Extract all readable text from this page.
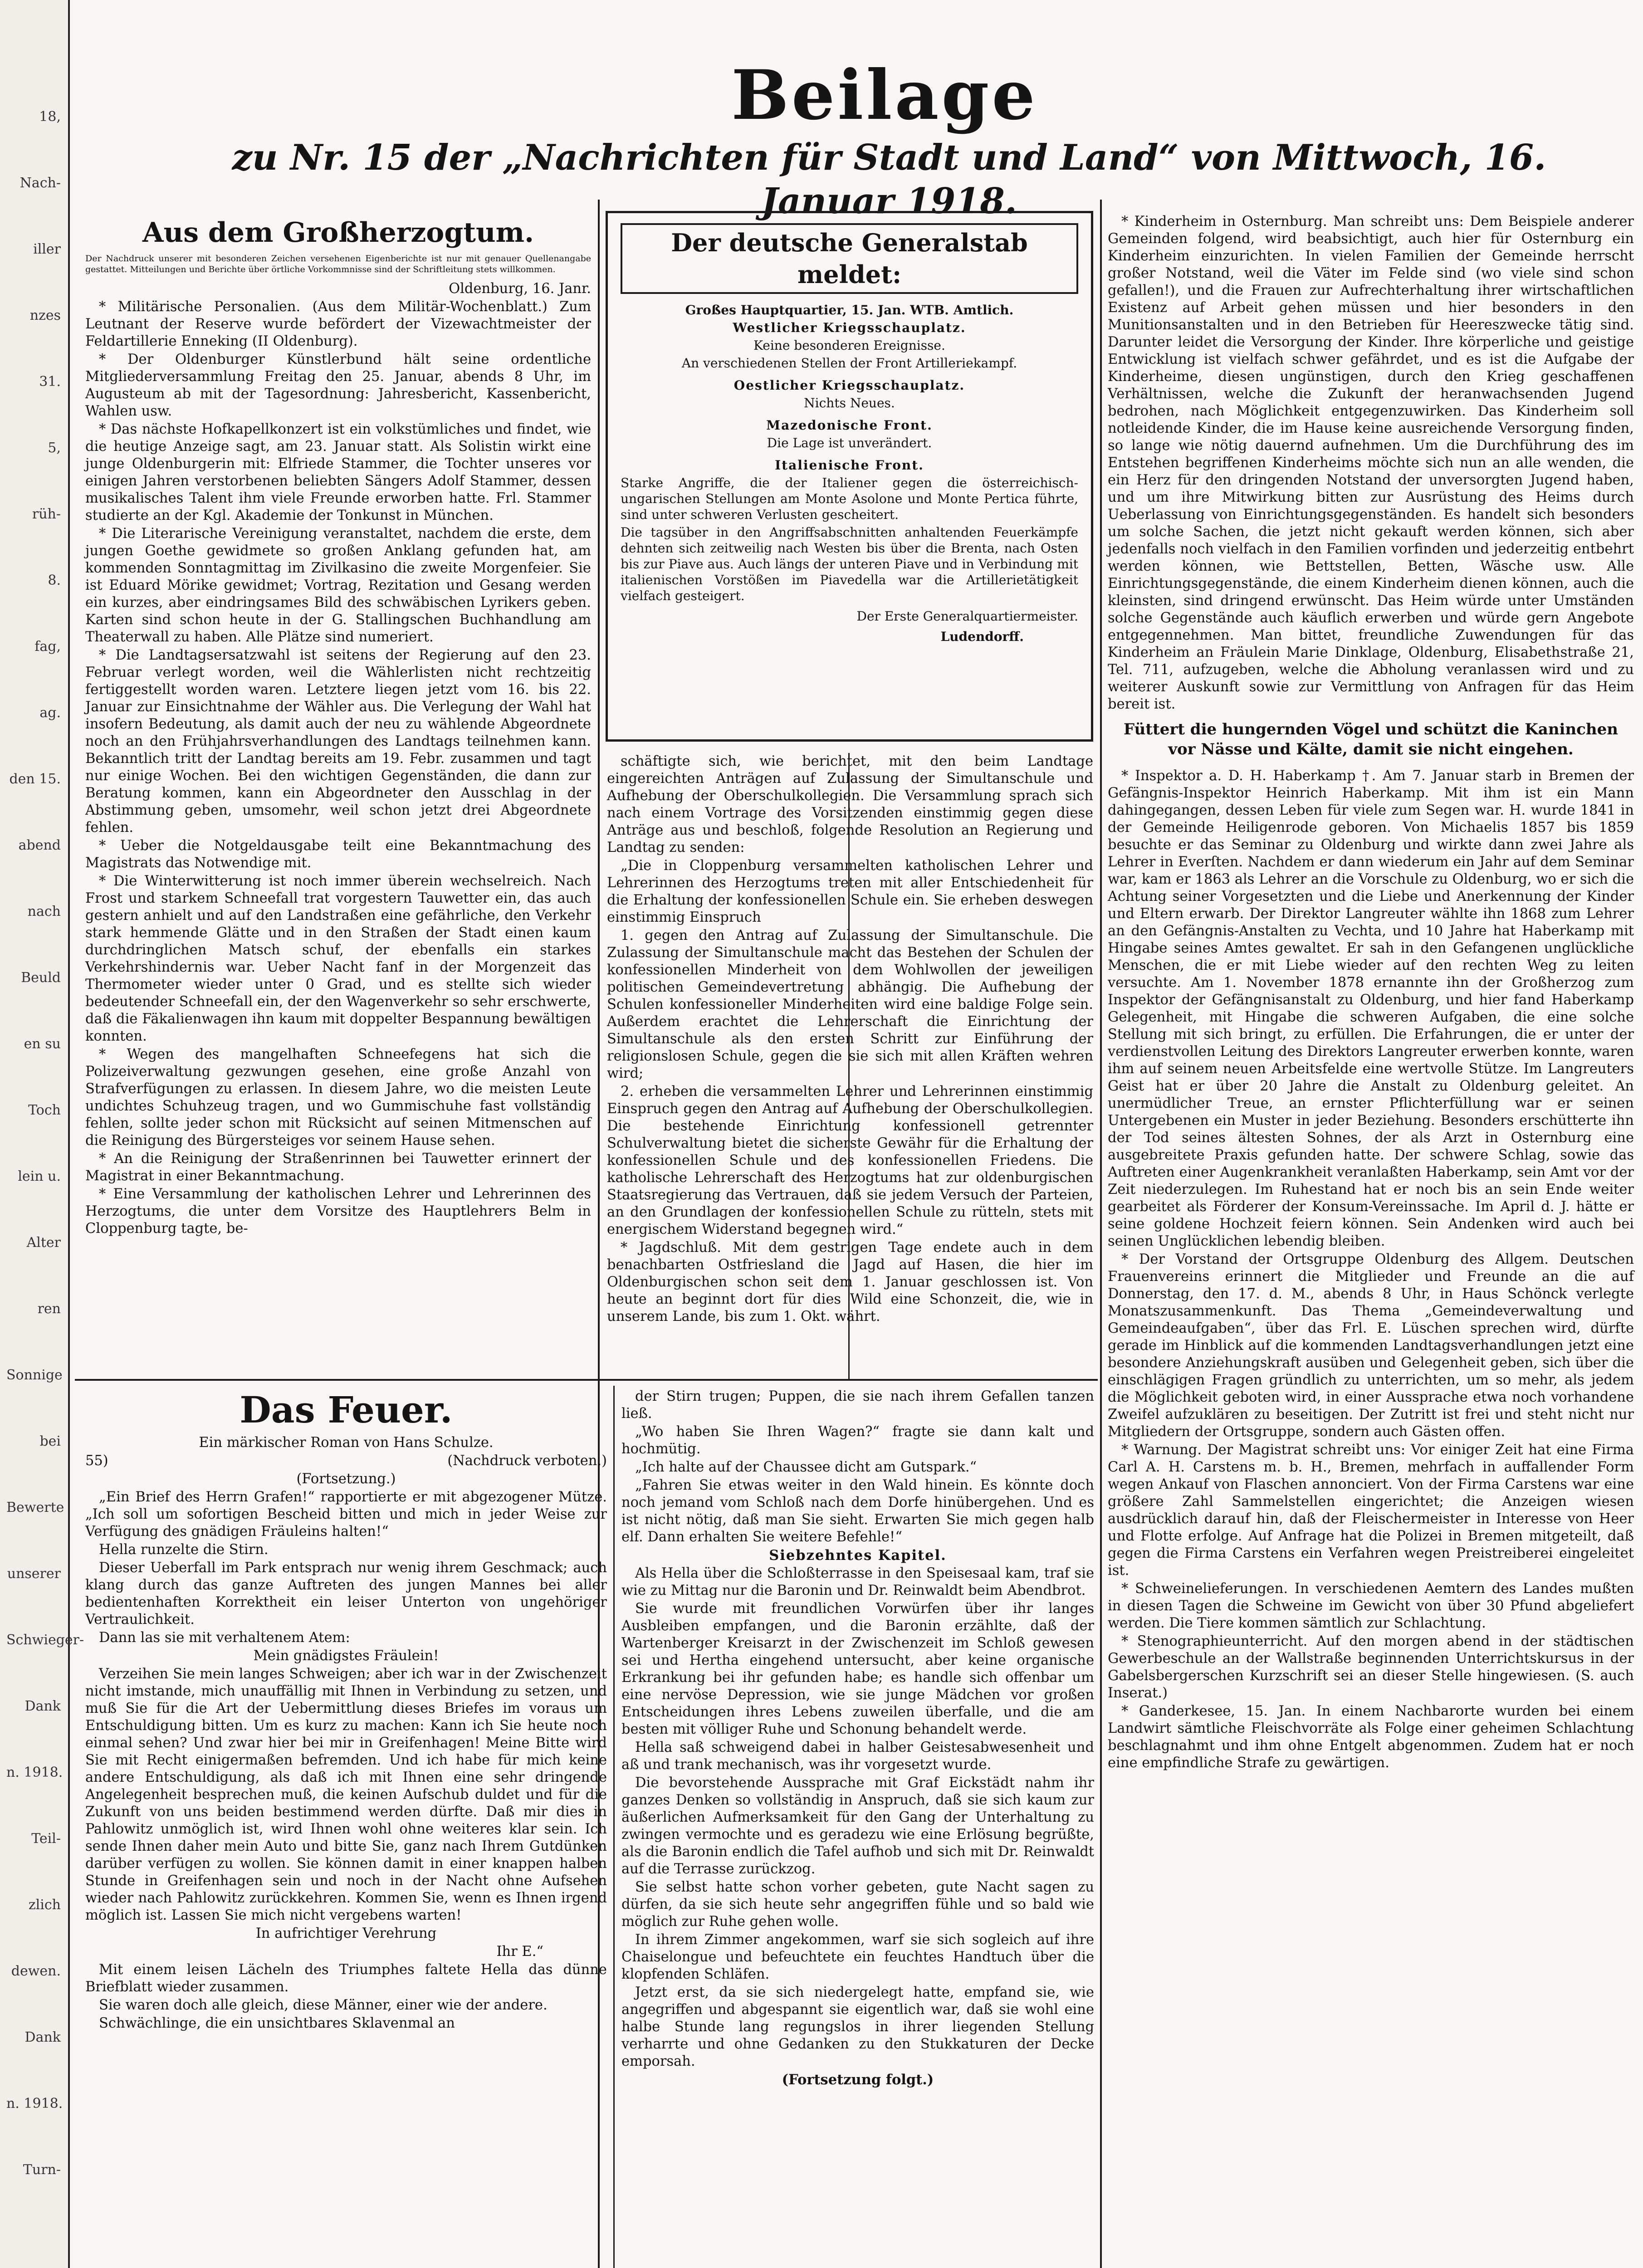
18,
Nach-
iller
nzes
31.
5,
rüh-
8.
fag,
ag.
den 15.
abend
nach
Beuld
en su
Toch
lein u.
Alter
ren
Sonnige
bei
Bewerte
unserer
Schwieger-
Dank
n. 1918.
Teil-
zlich
dewen.
Dank
n. 1918.
Turn-
Beilage
zu Nr. 15 der „Nachrichten für Stadt und Land“ von Mittwoch, 16. Januar 1918.
Aus dem Großherzogtum.

Der Nachdruck unserer mit besonderen Zeichen versehenen Eigenberichte ist nur mit genauer Quellenangabe gestattet. Mitteilungen und Berichte über örtliche Vorkommnisse sind der Schriftleitung stets willkommen.

Oldenburg, 16. Janr.

* Militärische Personalien. (Aus dem Militär-Wochenblatt.) Zum Leutnant der Reserve wurde befördert der Vizewachtmeister der Feldartillerie Enneking (II Oldenburg).

* Der Oldenburger Künstlerbund hält seine ordentliche Mitgliederversammlung Freitag den 25. Januar, abends 8 Uhr, im Augusteum ab mit der Tagesordnung: Jahresbericht, Kassenbericht, Wahlen usw.

* Das nächste Hofkapellkonzert ist ein volkstümliches und findet, wie die heutige Anzeige sagt, am 23. Januar statt. Als Solistin wirkt eine junge Oldenburgerin mit: Elfriede Stammer, die Tochter unseres vor einigen Jahren verstorbenen beliebten Sängers Adolf Stammer, dessen musikalisches Talent ihm viele Freunde erworben hatte. Frl. Stammer studierte an der Kgl. Akademie der Tonkunst in München.

* Die Literarische Vereinigung veranstaltet, nachdem die erste, dem jungen Goethe gewidmete so großen Anklang gefunden hat, am kommenden Sonntagmittag im Zivilkasino die zweite Morgenfeier. Sie ist Eduard Mörike gewidmet; Vortrag, Rezitation und Gesang werden ein kurzes, aber eindringsames Bild des schwäbischen Lyrikers geben. Karten sind schon heute in der G. Stallingschen Buchhandlung am Theaterwall zu haben. Alle Plätze sind numeriert.

* Die Landtagsersatzwahl ist seitens der Regierung auf den 23. Februar verlegt worden, weil die Wählerlisten nicht rechtzeitig fertiggestellt worden waren. Letztere liegen jetzt vom 16. bis 22. Januar zur Einsichtnahme der Wähler aus. Die Verlegung der Wahl hat insofern Bedeutung, als damit auch der neu zu wählende Abgeordnete noch an den Frühjahrsverhandlungen des Landtags teilnehmen kann. Bekanntlich tritt der Landtag bereits am 19. Febr. zusammen und tagt nur einige Wochen. Bei den wichtigen Gegenständen, die dann zur Beratung kommen, kann ein Abgeordneter den Ausschlag in der Abstimmung geben, umsomehr, weil schon jetzt drei Abgeordnete fehlen.

* Ueber die Notgeldausgabe teilt eine Bekanntmachung des Magistrats das Notwendige mit.

* Die Winterwitterung ist noch immer überein wechselreich. Nach Frost und starkem Schneefall trat vorgestern Tauwetter ein, das auch gestern anhielt und auf den Landstraßen eine gefährliche, den Verkehr stark hemmende Glätte und in den Straßen der Stadt einen kaum durchdringlichen Matsch schuf, der ebenfalls ein starkes Verkehrshindernis war. Ueber Nacht fanf in der Morgenzeit das Thermometer wieder unter 0 Grad, und es stellte sich wieder bedeutender Schneefall ein, der den Wagenverkehr so sehr erschwerte, daß die Fäkalienwagen ihn kaum mit doppelter Bespannung bewältigen konnten.

* Wegen des mangelhaften Schneefegens hat sich die Polizeiverwaltung gezwungen gesehen, eine große Anzahl von Strafverfügungen zu erlassen. In diesem Jahre, wo die meisten Leute undichtes Schuhzeug tragen, und wo Gummischuhe fast vollständig fehlen, sollte jeder schon mit Rücksicht auf seinen Mitmenschen auf die Reinigung des Bürgersteiges vor seinem Hause sehen.

* An die Reinigung der Straßenrinnen bei Tauwetter erinnert der Magistrat in einer Bekanntmachung.

* Eine Versammlung der katholischen Lehrer und Lehrerinnen des Herzogtums, die unter dem Vorsitze des Hauptlehrers Belm in Cloppenburg tagte, be-

Der deutsche Generalstab meldet:

Großes Hauptquartier, 15. Jan. WTB. Amtlich.

Westlicher Kriegsschauplatz.

Keine besonderen Ereignisse.

An verschiedenen Stellen der Front Artilleriekampf.

Oestlicher Kriegsschauplatz.

Nichts Neues.

Mazedonische Front.

Die Lage ist unverändert.

Italienische Front.

Starke Angriffe, die der Italiener gegen die österreichisch-ungarischen Stellungen am Monte Asolone und Monte Pertica führte, sind unter schweren Verlusten gescheitert.

Die tagsüber in den Angriffsabschnitten anhaltenden Feuerkämpfe dehnten sich zeitweilig nach Westen bis über die Brenta, nach Osten bis zur Piave aus. Auch längs der unteren Piave und in Verbindung mit italienischen Vorstößen im Piavedella war die Artillerietätigkeit vielfach gesteigert.

Der Erste Generalquartiermeister.

Ludendorff.

schäftigte sich, wie berichtet, mit den beim Landtage eingereichten Anträgen auf Zulassung der Simultanschule und Aufhebung der Oberschulkollegien. Die Versammlung sprach sich nach einem Vortrage des Vorsitzenden einstimmig gegen diese Anträge aus und beschloß, folgende Resolution an Regierung und Landtag zu senden:

„Die in Cloppenburg versammelten katholischen Lehrer und Lehrerinnen des Herzogtums treten mit aller Entschiedenheit für die Erhaltung der konfessionellen Schule ein. Sie erheben deswegen einstimmig Einspruch

1. gegen den Antrag auf Zulassung der Simultanschule. Die Zulassung der Simultanschule macht das Bestehen der Schulen der konfessionellen Minderheit von dem Wohlwollen der jeweiligen politischen Gemeindevertretung abhängig. Die Aufhebung der Schulen konfessioneller Minderheiten wird eine baldige Folge sein. Außerdem erachtet die Lehrerschaft die Einrichtung der Simultanschule als den ersten Schritt zur Einführung der religionslosen Schule, gegen die sie sich mit allen Kräften wehren wird;

2. erheben die versammelten Lehrer und Lehrerinnen einstimmig Einspruch gegen den Antrag auf Aufhebung der Oberschulkollegien. Die bestehende Einrichtung konfessionell getrennter Schulverwaltung bietet die sicherste Gewähr für die Erhaltung der konfessionellen Schule und des konfessionellen Friedens. Die katholische Lehrerschaft des Herzogtums hat zur oldenburgischen Staatsregierung das Vertrauen, daß sie jedem Versuch der Parteien, an den Grundlagen der konfessionellen Schule zu rütteln, stets mit energischem Widerstand begegnen wird.“

* Jagdschluß. Mit dem gestrigen Tage endete auch in dem benachbarten Ostfriesland die Jagd auf Hasen, die hier im Oldenburgischen schon seit dem 1. Januar geschlossen ist. Von heute an beginnt dort für dies Wild eine Schonzeit, die, wie in unserem Lande, bis zum 1. Okt. währt.

Das Feuer.

Ein märkischer Roman von Hans Schulze.

55)	(Nachdruck verboten.)

(Fortsetzung.)

„Ein Brief des Herrn Grafen!“ rapportierte er mit abgezogener Mütze. „Ich soll um sofortigen Bescheid bitten und mich in jeder Weise zur Verfügung des gnädigen Fräuleins halten!“

Hella runzelte die Stirn.

Dieser Ueberfall im Park entsprach nur wenig ihrem Geschmack; auch klang durch das ganze Auftreten des jungen Mannes bei aller bedientenhaften Korrektheit ein leiser Unterton von ungehöriger Vertraulichkeit.

Dann las sie mit verhaltenem Atem:

Mein gnädigstes Fräulein!

Verzeihen Sie mein langes Schweigen; aber ich war in der Zwischenzeit nicht imstande, mich unauffällig mit Ihnen in Verbindung zu setzen, und muß Sie für die Art der Uebermittlung dieses Briefes im voraus um Entschuldigung bitten. Um es kurz zu machen: Kann ich Sie heute noch einmal sehen? Und zwar hier bei mir in Greifenhagen! Meine Bitte wird Sie mit Recht einigermaßen befremden. Und ich habe für mich keine andere Entschuldigung, als daß ich mit Ihnen eine sehr dringende Angelegenheit besprechen muß, die keinen Aufschub duldet und für die Zukunft von uns beiden bestimmend werden dürfte. Daß mir dies in Pahlowitz unmöglich ist, wird Ihnen wohl ohne weiteres klar sein. Ich sende Ihnen daher mein Auto und bitte Sie, ganz nach Ihrem Gutdünken darüber verfügen zu wollen. Sie können damit in einer knappen halben Stunde in Greifenhagen sein und noch in der Nacht ohne Aufsehen wieder nach Pahlowitz zurückkehren. Kommen Sie, wenn es Ihnen irgend möglich ist. Lassen Sie mich nicht vergebens warten!

In aufrichtiger Verehrung

Ihr E.“

Mit einem leisen Lächeln des Triumphes faltete Hella das dünne Briefblatt wieder zusammen.

Sie waren doch alle gleich, diese Männer, einer wie der andere.

Schwächlinge, die ein unsichtbares Sklavenmal an

der Stirn trugen; Puppen, die sie nach ihrem Gefallen tanzen ließ.

„Wo haben Sie Ihren Wagen?“ fragte sie dann kalt und hochmütig.

„Ich halte auf der Chaussee dicht am Gutspark.“

„Fahren Sie etwas weiter in den Wald hinein. Es könnte doch noch jemand vom Schloß nach dem Dorfe hinübergehen. Und es ist nicht nötig, daß man Sie sieht. Erwarten Sie mich gegen halb elf. Dann erhalten Sie weitere Befehle!“

Siebzehntes Kapitel.

Als Hella über die Schloßterrasse in den Speisesaal kam, traf sie wie zu Mittag nur die Baronin und Dr. Reinwaldt beim Abendbrot.

Sie wurde mit freundlichen Vorwürfen über ihr langes Ausbleiben empfangen, und die Baronin erzählte, daß der Wartenberger Kreisarzt in der Zwischenzeit im Schloß gewesen sei und Hertha eingehend untersucht, aber keine organische Erkrankung bei ihr gefunden habe; es handle sich offenbar um eine nervöse Depression, wie sie junge Mädchen vor großen Entscheidungen ihres Lebens zuweilen überfalle, und die am besten mit völliger Ruhe und Schonung behandelt werde.

Hella saß schweigend dabei in halber Geistesabwesenheit und aß und trank mechanisch, was ihr vorgesetzt wurde.

Die bevorstehende Aussprache mit Graf Eickstädt nahm ihr ganzes Denken so vollständig in Anspruch, daß sie sich kaum zur äußerlichen Aufmerksamkeit für den Gang der Unterhaltung zu zwingen vermochte und es geradezu wie eine Erlösung begrüßte, als die Baronin endlich die Tafel aufhob und sich mit Dr. Reinwaldt auf die Terrasse zurückzog.

Sie selbst hatte schon vorher gebeten, gute Nacht sagen zu dürfen, da sie sich heute sehr angegriffen fühle und so bald wie möglich zur Ruhe gehen wolle.

In ihrem Zimmer angekommen, warf sie sich sogleich auf ihre Chaiselongue und befeuchtete ein feuchtes Handtuch über die klopfenden Schläfen.

Jetzt erst, da sie sich niedergelegt hatte, empfand sie, wie angegriffen und abgespannt sie eigentlich war, daß sie wohl eine halbe Stunde lang regungslos in ihrer liegenden Stellung verharrte und ohne Gedanken zu den Stukkaturen der Decke emporsah.

(Fortsetzung folgt.)

* Kinderheim in Osternburg. Man schreibt uns: Dem Beispiele anderer Gemeinden folgend, wird beabsichtigt, auch hier für Osternburg ein Kinderheim einzurichten. In vielen Familien der Gemeinde herrscht großer Notstand, weil die Väter im Felde sind (wo viele sind schon gefallen!), und die Frauen zur Aufrechterhaltung ihrer wirtschaftlichen Existenz auf Arbeit gehen müssen und hier besonders in den Munitionsanstalten und in den Betrieben für Heereszwecke tätig sind. Darunter leidet die Versorgung der Kinder. Ihre körperliche und geistige Entwicklung ist vielfach schwer gefährdet, und es ist die Aufgabe der Kinderheime, diesen ungünstigen, durch den Krieg geschaffenen Verhältnissen, welche die Zukunft der heranwachsenden Jugend bedrohen, nach Möglichkeit entgegenzuwirken. Das Kinderheim soll notleidende Kinder, die im Hause keine ausreichende Versorgung finden, so lange wie nötig dauernd aufnehmen. Um die Durchführung des im Entstehen begriffenen Kinderheims möchte sich nun an alle wenden, die ein Herz für den dringenden Notstand der unversorgten Jugend haben, und um ihre Mitwirkung bitten zur Ausrüstung des Heims durch Ueberlassung von Einrichtungsgegenständen. Es handelt sich besonders um solche Sachen, die jetzt nicht gekauft werden können, sich aber jedenfalls noch vielfach in den Familien vorfinden und jederzeitig entbehrt werden können, wie Bettstellen, Betten, Wäsche usw. Alle Einrichtungsgegenstände, die einem Kinderheim dienen können, auch die kleinsten, sind dringend erwünscht. Das Heim würde unter Umständen solche Gegenstände auch käuflich erwerben und würde gern Angebote entgegennehmen. Man bittet, freundliche Zuwendungen für das Kinderheim an Fräulein Marie Dinklage, Oldenburg, Elisabethstraße 21, Tel. 711, aufzugeben, welche die Abholung veranlassen wird und zu weiterer Auskunft sowie zur Vermittlung von Anfragen für das Heim bereit ist.

Füttert die hungernden Vögel und schützt die Kaninchen vor Nässe und Kälte, damit sie nicht eingehen.

* Inspektor a. D. H. Haberkamp †. Am 7. Januar starb in Bremen der Gefängnis-Inspektor Heinrich Haberkamp. Mit ihm ist ein Mann dahingegangen, dessen Leben für viele zum Segen war. H. wurde 1841 in der Gemeinde Heiligenrode geboren. Von Michaelis 1857 bis 1859 besuchte er das Seminar zu Oldenburg und wirkte dann zwei Jahre als Lehrer in Everſten. Nachdem er dann wiederum ein Jahr auf dem Seminar war, kam er 1863 als Lehrer an die Vorschule zu Oldenburg, wo er sich die Achtung seiner Vorgesetzten und die Liebe und Anerkennung der Kinder und Eltern erwarb. Der Direktor Langreuter wählte ihn 1868 zum Lehrer an den Gefängnis-Anstalten zu Vechta, und 10 Jahre hat Haberkamp mit Hingabe seines Amtes gewaltet. Er sah in den Gefangenen unglückliche Menschen, die er mit Liebe wieder auf den rechten Weg zu leiten versuchte. Am 1. November 1878 ernannte ihn der Großherzog zum Inspektor der Gefängnisanstalt zu Oldenburg, und hier fand Haberkamp Gelegenheit, mit Hingabe die schweren Aufgaben, die eine solche Stellung mit sich bringt, zu erfüllen. Die Erfahrungen, die er unter der verdienstvollen Leitung des Direktors Langreuter erwerben konnte, waren ihm auf seinem neuen Arbeitsfelde eine wertvolle Stütze. Im Langreuters Geist hat er über 20 Jahre die Anstalt zu Oldenburg geleitet. An unermüdlicher Treue, an ernster Pflichterfüllung war er seinen Untergebenen ein Muster in jeder Beziehung. Besonders erschütterte ihn der Tod seines ältesten Sohnes, der als Arzt in Osternburg eine ausgebreitete Praxis gefunden hatte. Der schwere Schlag, sowie das Auftreten einer Augenkrankheit veranlaßten Haberkamp, sein Amt vor der Zeit niederzulegen. Im Ruhestand hat er noch bis an sein Ende weiter gearbeitet als Förderer der Konsum-Vereinssache. Im April d. J. hätte er seine goldene Hochzeit feiern können. Sein Andenken wird auch bei seinen Unglücklichen lebendig bleiben.

* Der Vorstand der Ortsgruppe Oldenburg des Allgem. Deutschen Frauenvereins erinnert die Mitglieder und Freunde an die auf Donnerstag, den 17. d. M., abends 8 Uhr, in Haus Schönck verlegte Monatszusammenkunft. Das Thema „Gemeindeverwaltung und Gemeindeaufgaben“, über das Frl. E. Lüschen sprechen wird, dürfte gerade im Hinblick auf die kommenden Landtagsverhandlungen jetzt eine besondere Anziehungskraft ausüben und Gelegenheit geben, sich über die einschlägigen Fragen gründlich zu unterrichten, um so mehr, als jedem die Möglichkeit geboten wird, in einer Aussprache etwa noch vorhandene Zweifel aufzuklären zu beseitigen. Der Zutritt ist frei und steht nicht nur Mitgliedern der Ortsgruppe, sondern auch Gästen offen.

* Warnung. Der Magistrat schreibt uns: Vor einiger Zeit hat eine Firma Carl A. H. Carstens m. b. H., Bremen, mehrfach in auffallender Form wegen Ankauf von Flaschen annonciert. Von der Firma Carstens war eine größere Zahl Sammelstellen eingerichtet; die Anzeigen wiesen ausdrücklich darauf hin, daß der Fleischermeister in Interesse von Heer und Flotte erfolge. Auf Anfrage hat die Polizei in Bremen mitgeteilt, daß gegen die Firma Carstens ein Verfahren wegen Preistreiberei eingeleitet ist.

* Schweinelieferungen. In verschiedenen Aemtern des Landes mußten in diesen Tagen die Schweine im Gewicht von über 30 Pfund abgeliefert werden. Die Tiere kommen sämtlich zur Schlachtung.

* Stenographieunterricht. Auf den morgen abend in der städtischen Gewerbeschule an der Wallstraße beginnenden Unterrichtskursus in der Gabelsbergerschen Kurzschrift sei an dieser Stelle hingewiesen. (S. auch Inserat.)

* Ganderkesee, 15. Jan. In einem Nachbarorte wurden bei einem Landwirt sämtliche Fleischvorräte als Folge einer geheimen Schlachtung beschlagnahmt und ihm ohne Entgelt abgenommen. Zudem hat er noch eine empfindliche Strafe zu gewärtigen.
